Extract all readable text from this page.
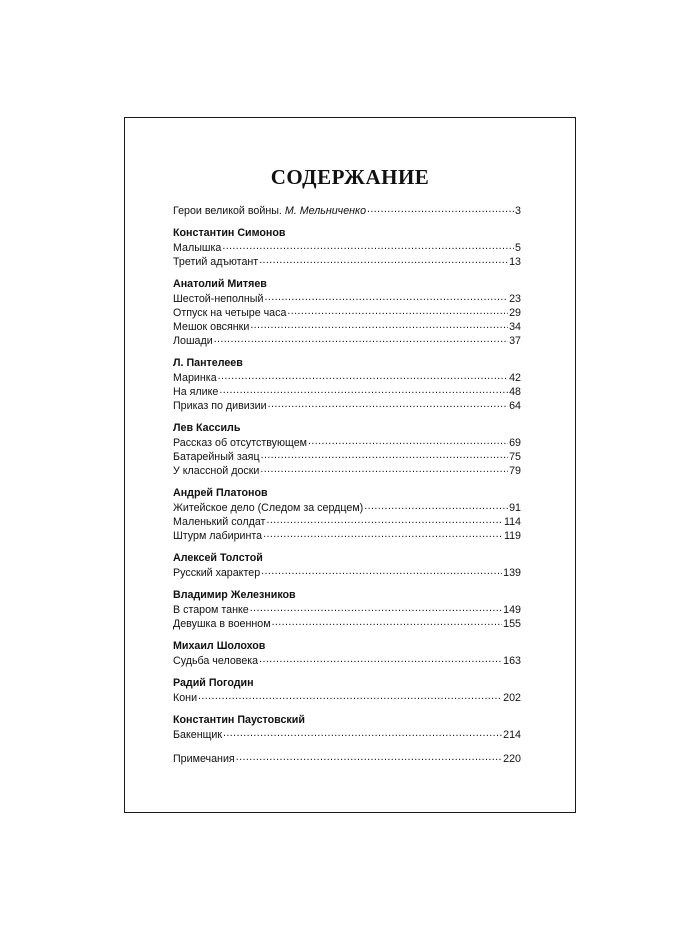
СОДЕРЖАНИЕ
Герои великой войны. М. Мельниченко .....	3
Константин Симонов
Малышка .....	5
Третий адъютант .....	13
Анатолий Митяев
Шестой-неполный .....	23
Отпуск на четыре часа .....	29
Мешок овсянки .....	34
Лошади .....	37
Л. Пантелеев
Маринка .....	42
На ялике .....	48
Приказ по дивизии .....	64
Лев Кассиль
Рассказ об отсутствующем .....	69
Батарейный заяц .....	75
У классной доски .....	79
Андрей Платонов
Житейское дело (Следом за сердцем) .....	91
Маленький солдат .....	114
Штурм лабиринта .....	119
Алексей Толстой
Русский характер .....	139
Владимир Железников
В старом танке .....	149
Девушка в военном .....	155
Михаил Шолохов
Судьба человека .....	163
Радий Погодин
Кони .....	202
Константин Паустовский
Бакенщик .....	214
Примечания .....	220
